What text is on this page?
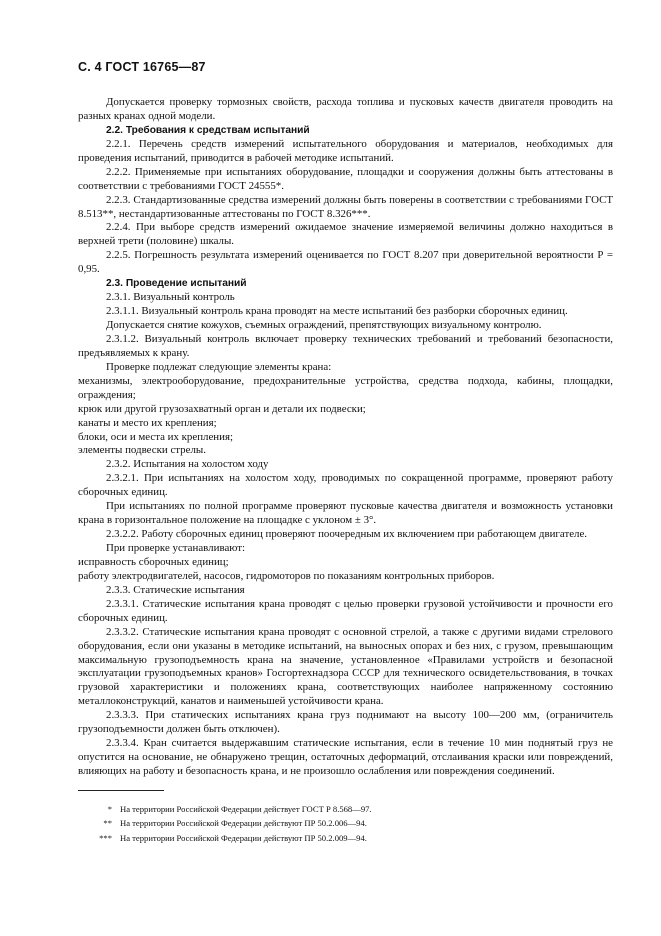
С. 4 ГОСТ 16765—87

Допускается проверку тормозных свойств, расхода топлива и пусковых качеств двигателя проводить на разных кранах одной модели.

2.2. Требования к средствам испытаний

2.2.1. Перечень средств измерений испытательного оборудования и материалов, необходимых для проведения испытаний, приводится в рабочей методике испытаний.

2.2.2. Применяемые при испытаниях оборудование, площадки и сооружения должны быть аттестованы в соответствии с требованиями ГОСТ 24555*.

2.2.3. Стандартизованные средства измерений должны быть поверены в соответствии с требованиями ГОСТ 8.513**, нестандартизованные аттестованы по ГОСТ 8.326***.

2.2.4. При выборе средств измерений ожидаемое значение измеряемой величины должно находиться в верхней трети (половине) шкалы.

2.2.5. Погрешность результата измерений оценивается по ГОСТ 8.207 при доверительной вероятности P = 0,95.

2.3. Проведение испытаний

2.3.1. Визуальный контроль

2.3.1.1. Визуальный контроль крана проводят на месте испытаний без разборки сборочных единиц.

Допускается снятие кожухов, съемных ограждений, препятствующих визуальному контролю.

2.3.1.2. Визуальный контроль включает проверку технических требований и требований безопасности, предъявляемых к крану.

Проверке подлежат следующие элементы крана:

механизмы, электрооборудование, предохранительные устройства, средства подхода, кабины, площадки, ограждения;

крюк или другой грузозахватный орган и детали их подвески;

канаты и место их крепления;

блоки, оси и места их крепления;

элементы подвески стрелы.

2.3.2. Испытания на холостом ходу

2.3.2.1. При испытаниях на холостом ходу, проводимых по сокращенной программе, проверяют работу сборочных единиц.

При испытаниях по полной программе проверяют пусковые качества двигателя и возможность установки крана в горизонтальное положение на площадке с уклоном ± 3°.

2.3.2.2. Работу сборочных единиц проверяют поочередным их включением при работающем двигателе.

При проверке устанавливают:

исправность сборочных единиц;

работу электродвигателей, насосов, гидромоторов по показаниям контрольных приборов.

2.3.3. Статические испытания

2.3.3.1. Статические испытания крана проводят с целью проверки грузовой устойчивости и прочности его сборочных единиц.

2.3.3.2. Статические испытания крана проводят с основной стрелой, а также с другими видами стрелового оборудования, если они указаны в методике испытаний, на выносных опорах и без них, с грузом, превышающим максимальную грузоподъемность крана на значение, установленное «Правилами устройств и безопасной эксплуатации грузоподъемных кранов» Госгортехнадзора СССР для технического освидетельствования, в точках грузовой характеристики и положениях крана, соответствующих наиболее напряженному состоянию металлоконструкций, канатов и наименьшей устойчивости крана.

2.3.3.3. При статических испытаниях крана груз поднимают на высоту 100—200 мм, (ограничитель грузоподъемности должен быть отключен).

2.3.3.4. Кран считается выдержавшим статические испытания, если в течение 10 мин поднятый груз не опустится на основание, не обнаружено трещин, остаточных деформаций, отслаивания краски или повреждений, влияющих на работу и безопасность крана, и не произошло ослабления или повреждения соединений.

* На территории Российской Федерации действует ГОСТ Р 8.568—97.
** На территории Российской Федерации действуют ПР 50.2.006—94.
*** На территории Российской Федерации действуют ПР 50.2.009—94.
